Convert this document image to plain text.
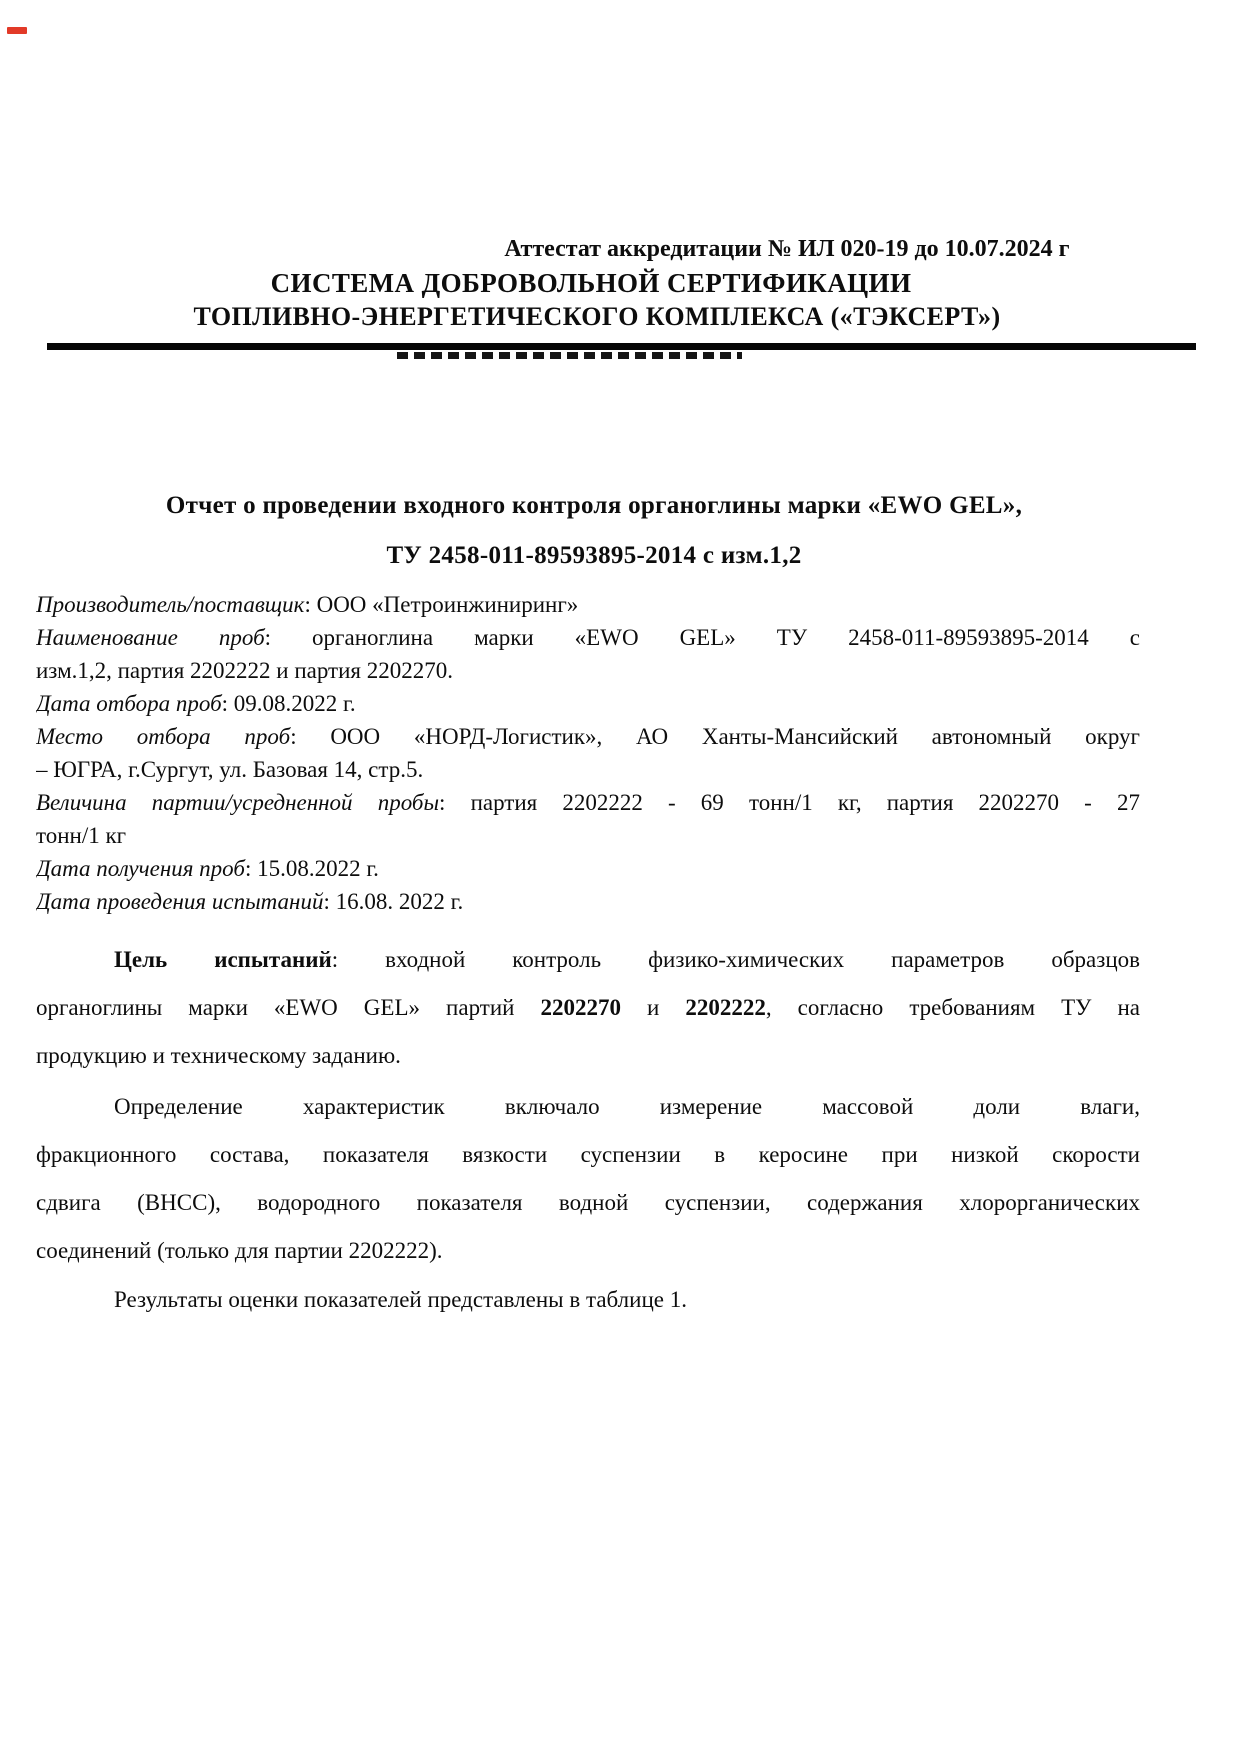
Аттестат аккредитации № ИЛ 020-19 до 10.07.2024 г
СИСТЕМА ДОБРОВОЛЬНОЙ СЕРТИФИКАЦИИ
ТОПЛИВНО-ЭНЕРГЕТИЧЕСКОГО КОМПЛЕКСА («ТЭКСЕРТ»)
Отчет о проведении входного контроля органоглины марки «EWO GEL»,
ТУ 2458-011-89593895-2014 с изм.1,2
Производитель/поставщик: ООО «Петроинжиниринг»
Наименование проб: органоглина марки «EWO GEL» ТУ 2458-011-89593895-2014 с
изм.1,2, партия 2202222 и партия 2202270.
Дата отбора проб: 09.08.2022 г.
Место отбора проб: ООО «НОРД-Логистик», АО Ханты-Мансийский автономный округ
– ЮГРА, г.Сургут, ул. Базовая 14, стр.5.
Величина партии/усредненной пробы: партия 2202222 - 69 тонн/1 кг, партия 2202270 - 27
тонн/1 кг
Дата получения проб: 15.08.2022 г.
Дата проведения испытаний: 16.08. 2022 г.
Цель испытаний: входной контроль физико-химических параметров образцов
органоглины марки «EWO GEL» партий 2202270 и 2202222, согласно требованиям ТУ на
продукцию и техническому заданию.
Определение характеристик включало измерение массовой доли влаги,
фракционного состава, показателя вязкости суспензии в керосине при низкой скорости
сдвига (ВНСС), водородного показателя водной суспензии, содержания хлорорганических
соединений (только для партии 2202222).
Результаты оценки показателей представлены в таблице 1.
